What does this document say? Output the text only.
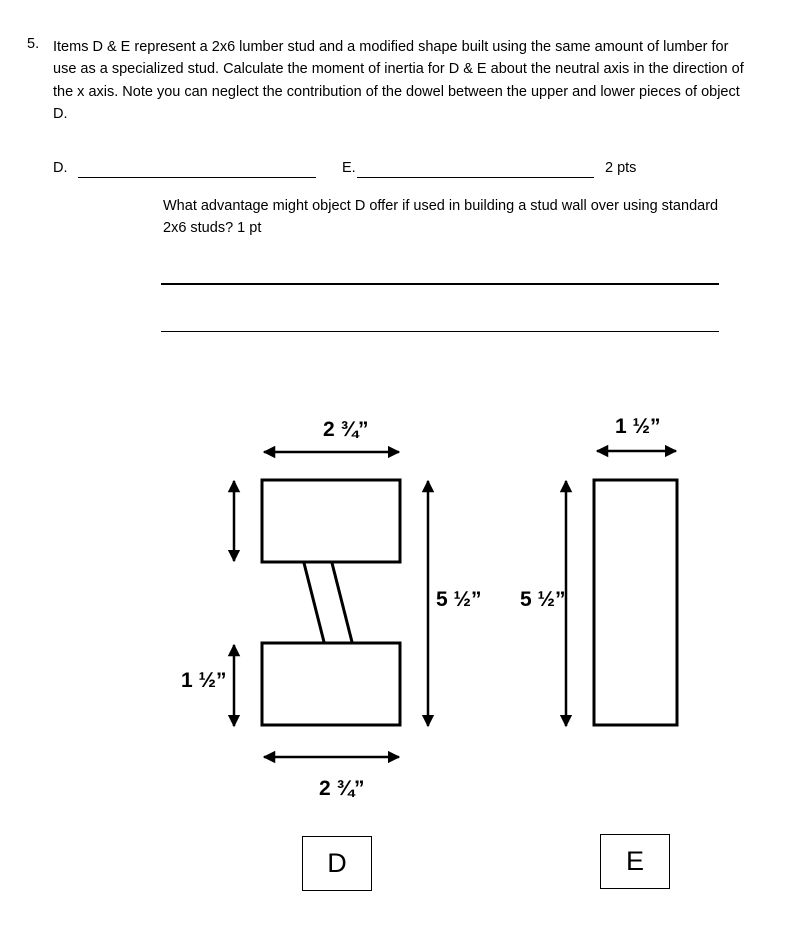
5. Items D & E represent a 2x6 lumber stud and a modified shape built using the same amount of lumber for use as a specialized stud. Calculate the moment of inertia for D & E about the neutral axis in the direction of the x axis. Note you can neglect the contribution of the dowel between the upper and lower pieces of object D.
D.	E.	2 pts
What advantage might object D offer if used in building a stud wall over using standard 2x6 studs? 1 pt
2 ¾”
2 ¾”
1 ½”
5 ½” 5 ½”
1 ½”
D	E
